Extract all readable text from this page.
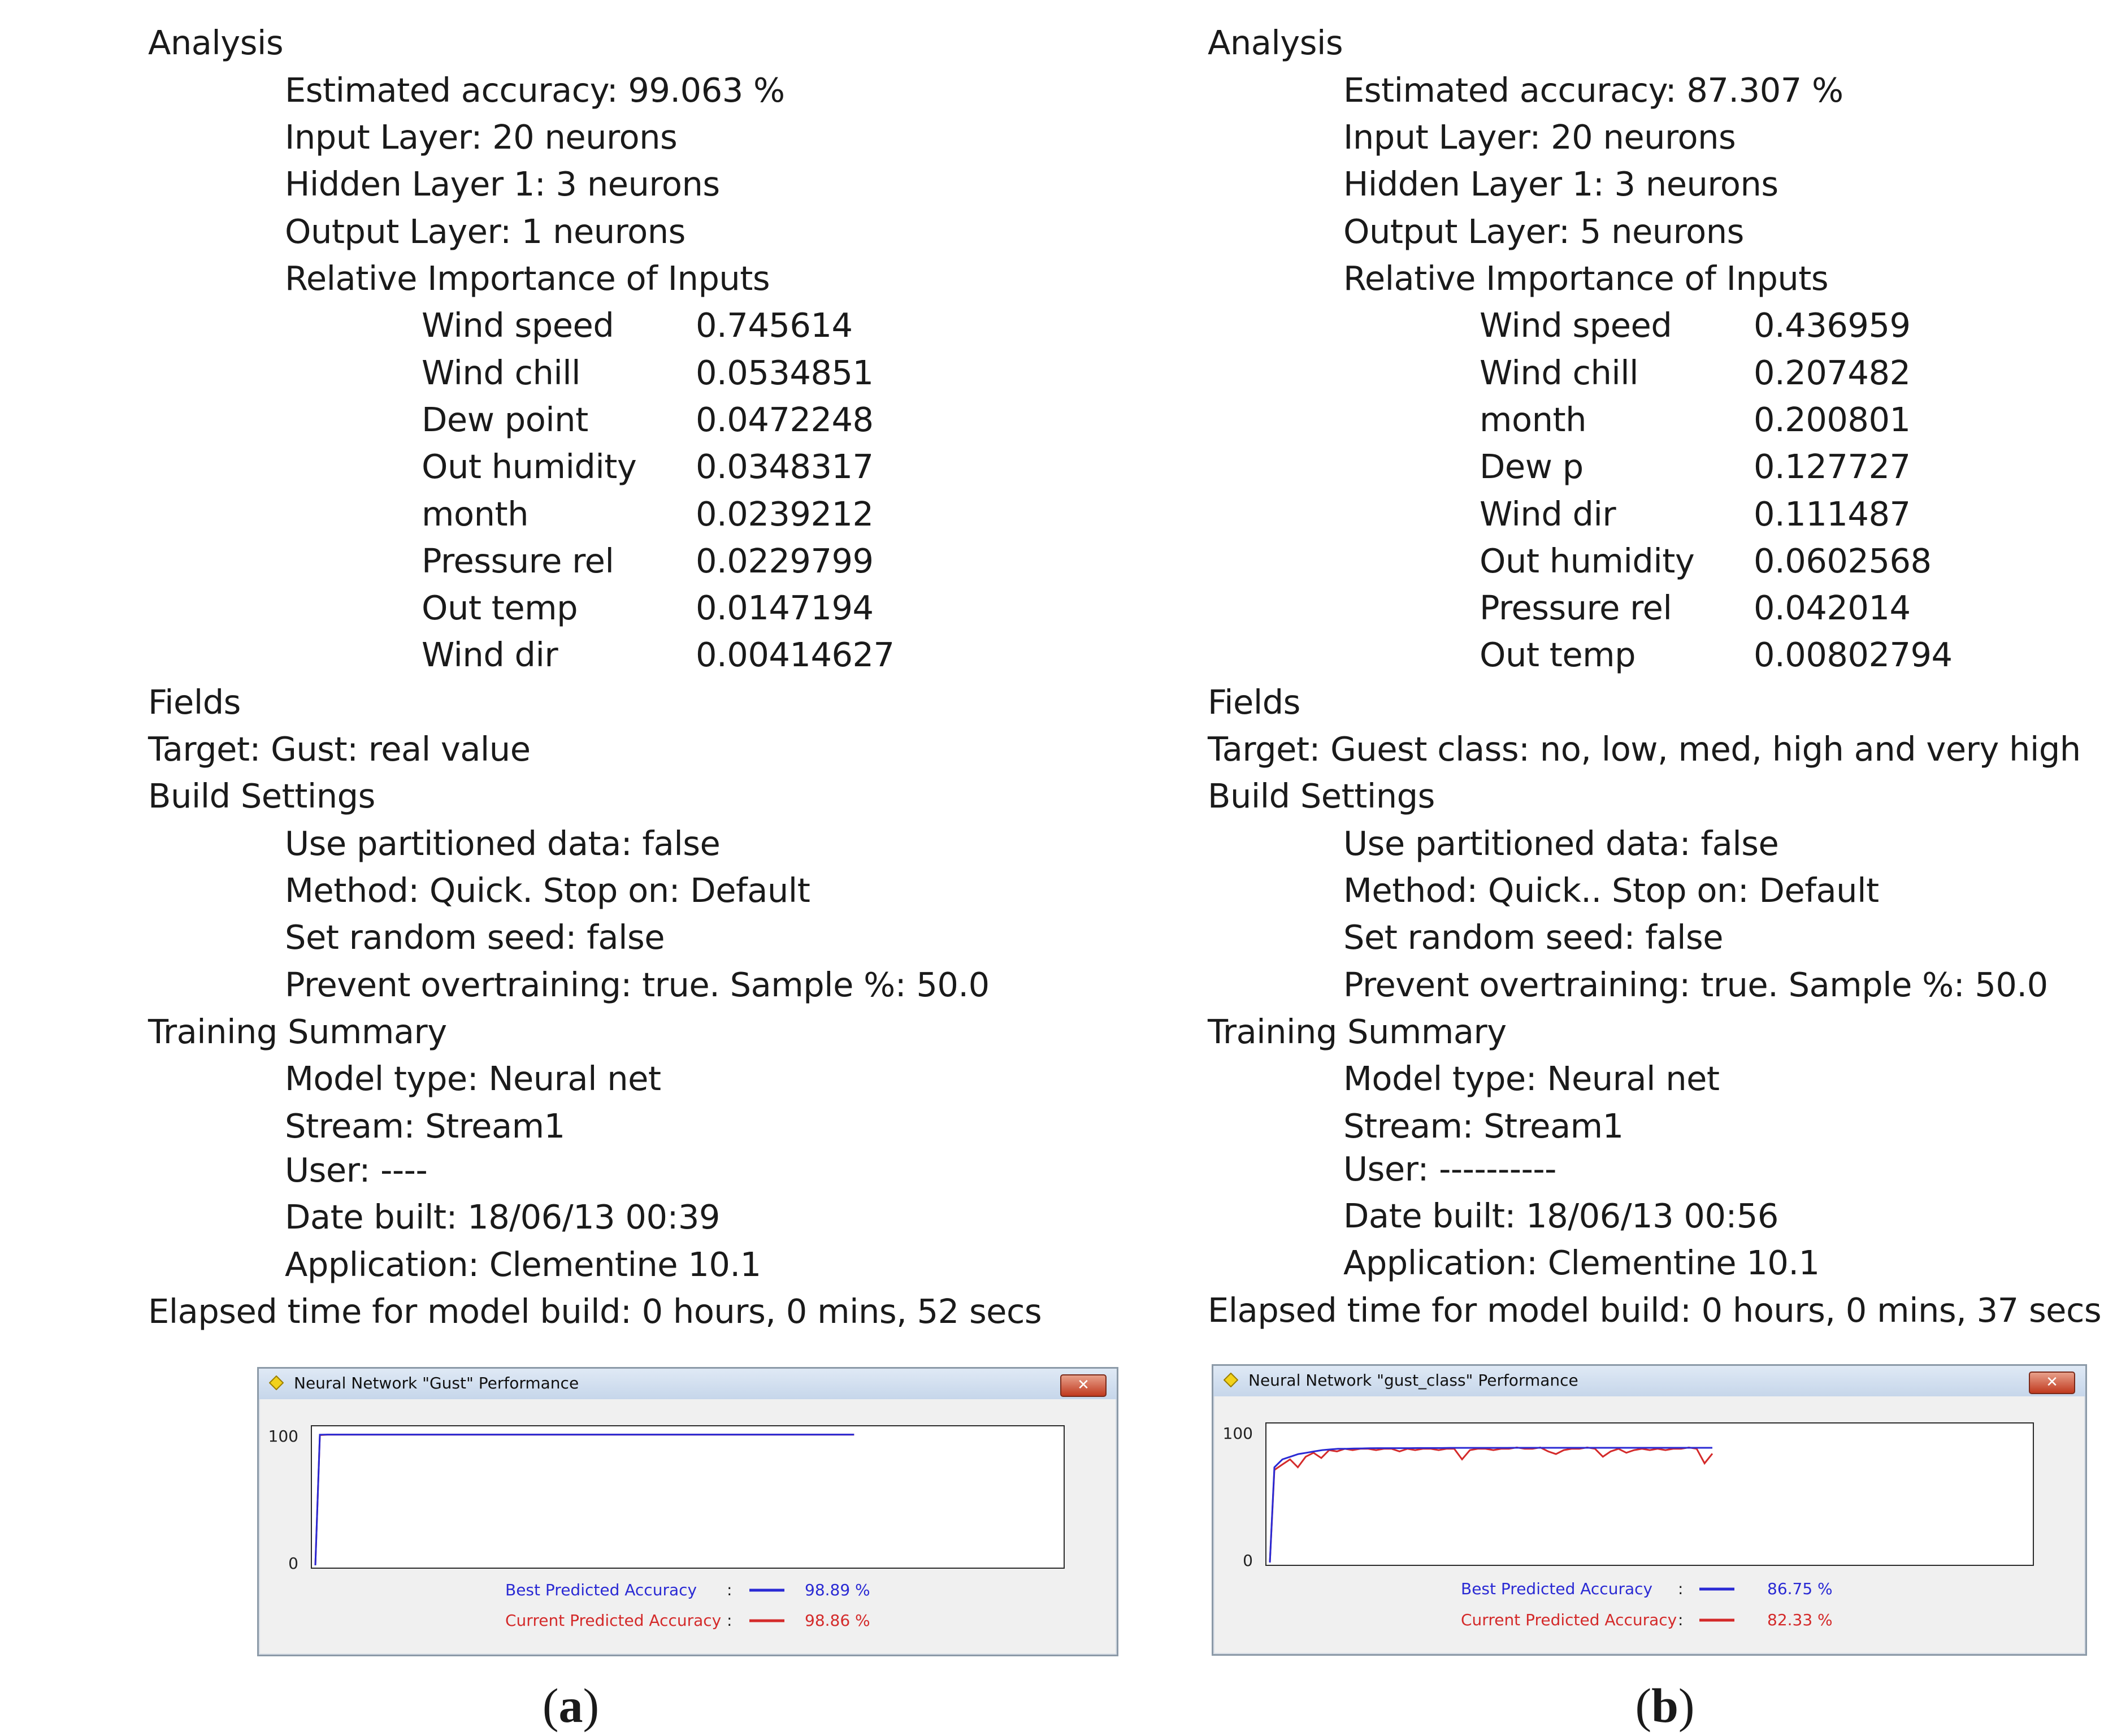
Analysis
Estimated accuracy: 99.063 %
Input Layer: 20 neurons
Hidden Layer 1: 3 neurons
Output Layer: 1 neurons
Relative Importance of Inputs
Wind speed 0.745614
Wind chill	0.0534851
Dew point	0.0472248
Out humidity 0.0348317
month	0.0239212
Pressure rel 0.0229799
Out temp	0.0147194
Wind dir	0.00414627
Fields
Target: Gust: real value
Build Settings
Use partitioned data: false
Method: Quick. Stop on: Default
Set random seed: false
Prevent overtraining: true. Sample %: 50.0
Training Summary
Model type: Neural net
Stream: Stream1
User: ----
Date built: 18/06/13 00:39
Application: Clementine 10.1
Elapsed time for model build: 0 hours, 0 mins, 52 secs
Neural Network "Gust" Performance	✕
100
0
Best Predicted Accuracy :	98.89 %
Current Predicted Accuracy :	98.86 %
(a)
Analysis
Estimated accuracy: 87.307 %
Input Layer: 20 neurons
Hidden Layer 1: 3 neurons
Output Layer: 5 neurons
Relative Importance of Inputs
Wind speed 0.436959
Wind chill	0.207482
month	0.200801
Dew p	0.127727
Wind dir	0.111487
Out humidity 0.0602568
Pressure rel 0.042014
Out temp	0.00802794
Fields
Target: Guest class: no, low, med, high and very high
Build Settings
Use partitioned data: false
Method: Quick.. Stop on: Default
Set random seed: false
Prevent overtraining: true. Sample %: 50.0
Training Summary
Model type: Neural net
Stream: Stream1
User: ----------
Date built: 18/06/13 00:56
Application: Clementine 10.1
Elapsed time for model build: 0 hours, 0 mins, 37 secs
Neural Network "gust_class" Performance	✕
100
0
Best Predicted Accuracy :	86.75 %
Current Predicted Accuracy :	82.33 %
(b)
